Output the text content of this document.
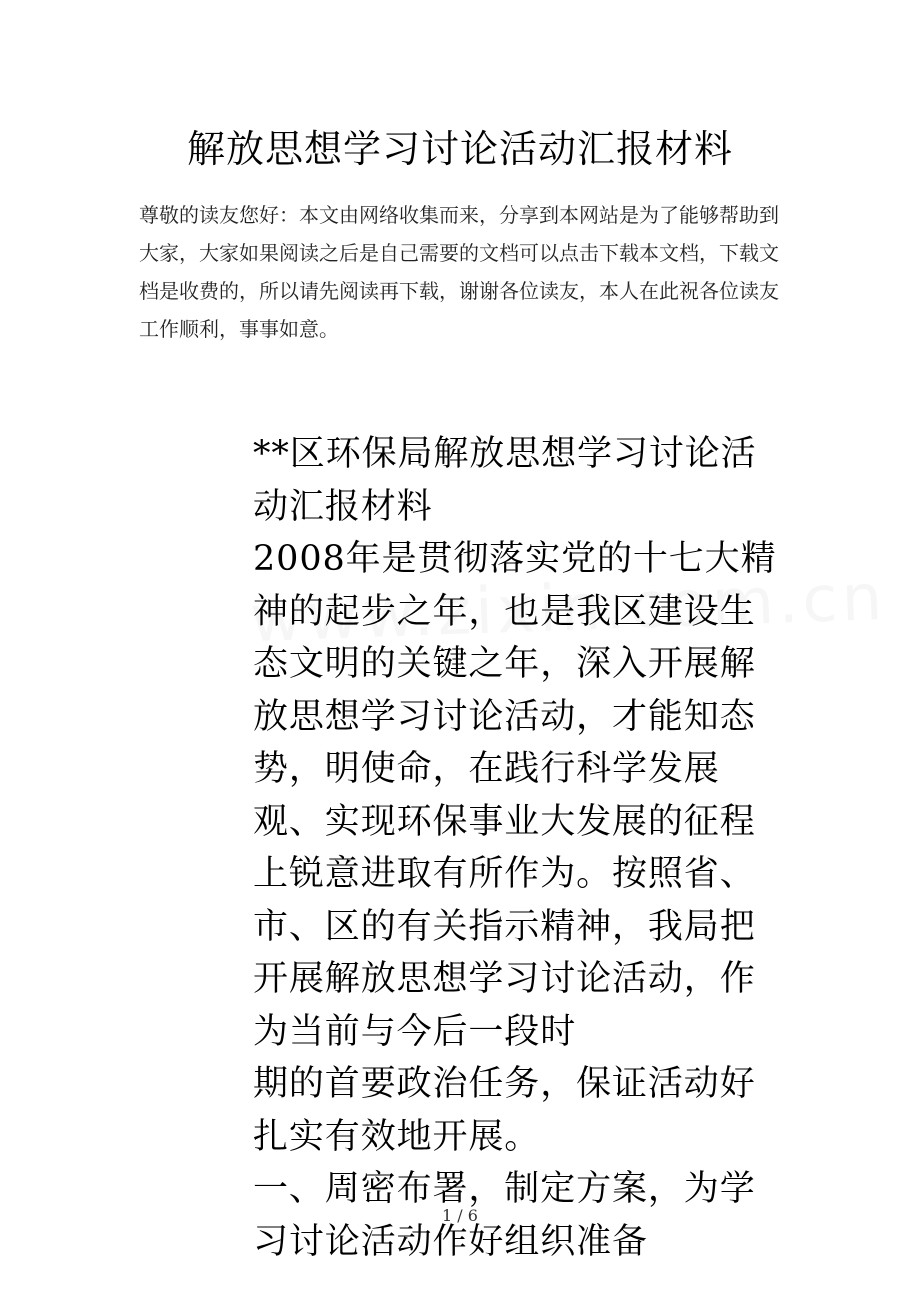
解放思想学习讨论活动汇报材料

尊敬的读友您好：本文由网络收集而来，分享到本网站是为了能够帮助到大家，大家如果阅读之后是自己需要的文档可以点击下载本文档，下载文档是收费的，所以请先阅读再下载，谢谢各位读友，本人在此祝各位读友工作顺利，事事如意。

**区环保局解放思想学习讨论活动汇报材料

2008年是贯彻落实党的十七大精神的起步之年，也是我区建设生态文明的关键之年，深入开展解放思想学习讨论活动，才能知态势，明使命，在践行科学发展观、实现环保事业大发展的征程上锐意进取有所作为。按照省、市、区的有关指示精神，我局把开展解放思想学习讨论活动，作为当前与今后一段时

期的首要政治任务，保证活动好扎实有效地开展。

一、周密布署，制定方案，为学习讨论活动作好组织准备

1 / 6
